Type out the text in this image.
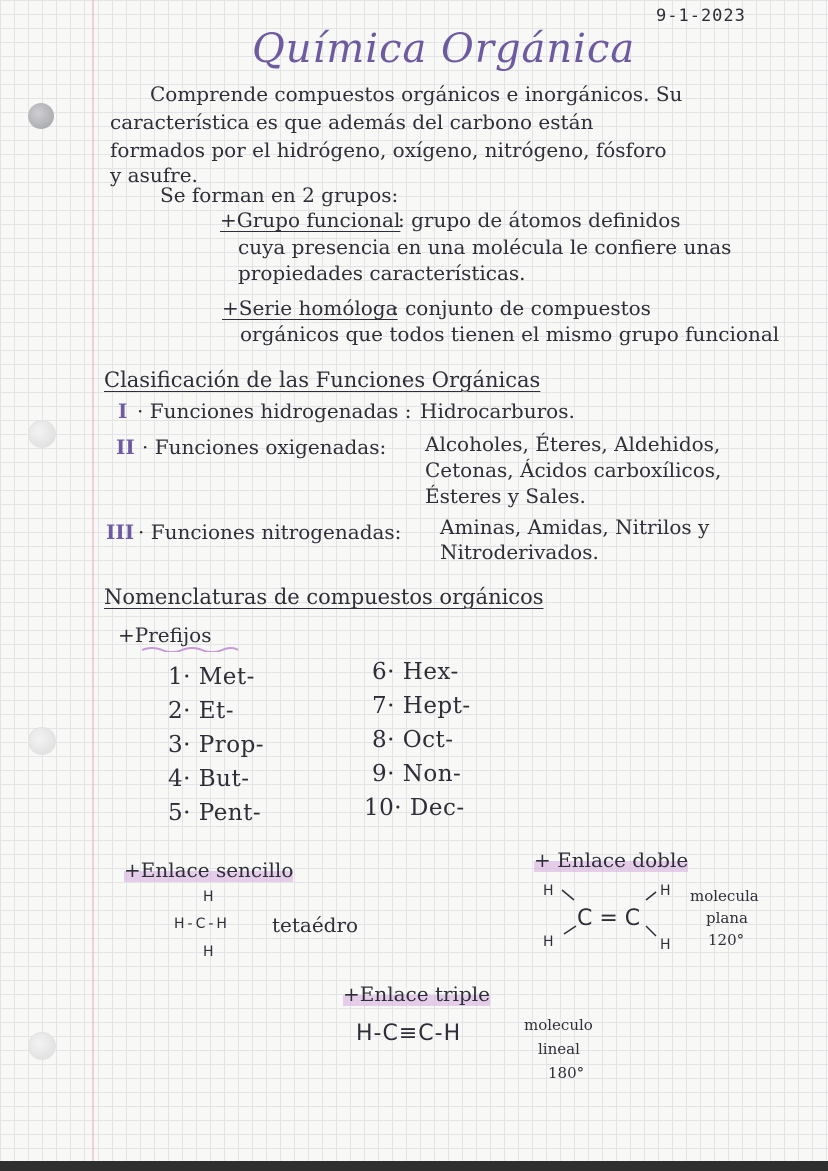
9-1-2023
Química Orgánica
Comprende compuestos orgánicos e inorgánicos. Su
característica es que además del carbono están
formados por el hidrógeno, oxígeno, nitrógeno, fósforo
y asufre.
Se forman en 2 grupos:
+Grupo funcional
: grupo de átomos definidos
cuya presencia en una molécula le confiere unas
propiedades características.
+Serie homóloga
: conjunto de compuestos
orgánicos que todos tienen el mismo grupo funcional
Clasificación de las Funciones Orgánicas
I · Funciones hidrogenadas : Hidrocarburos.
II · Funciones oxigenadas: Alcoholes, Éteres, Aldehidos,
Cetonas, Ácidos carboxílicos,
Ésteres y Sales.
III · Funciones nitrogenadas: Aminas, Amidas, Nitrilos y
Nitroderivados.
Nomenclaturas de compuestos orgánicos
+Prefijos
1· Met-
2· Et-
3· Prop-
4· But-
5· Pent-
6· Hex-
7· Hept-
8· Oct-
9· Non-
10· Dec-
+Enlace sencillo
H
H-C-H
H
tetaédro
+ Enlace doble
H
H
H
H
C = C
molecula
plana
120°
+Enlace triple
H-C≡C-H	moleculo
lineal
180°
